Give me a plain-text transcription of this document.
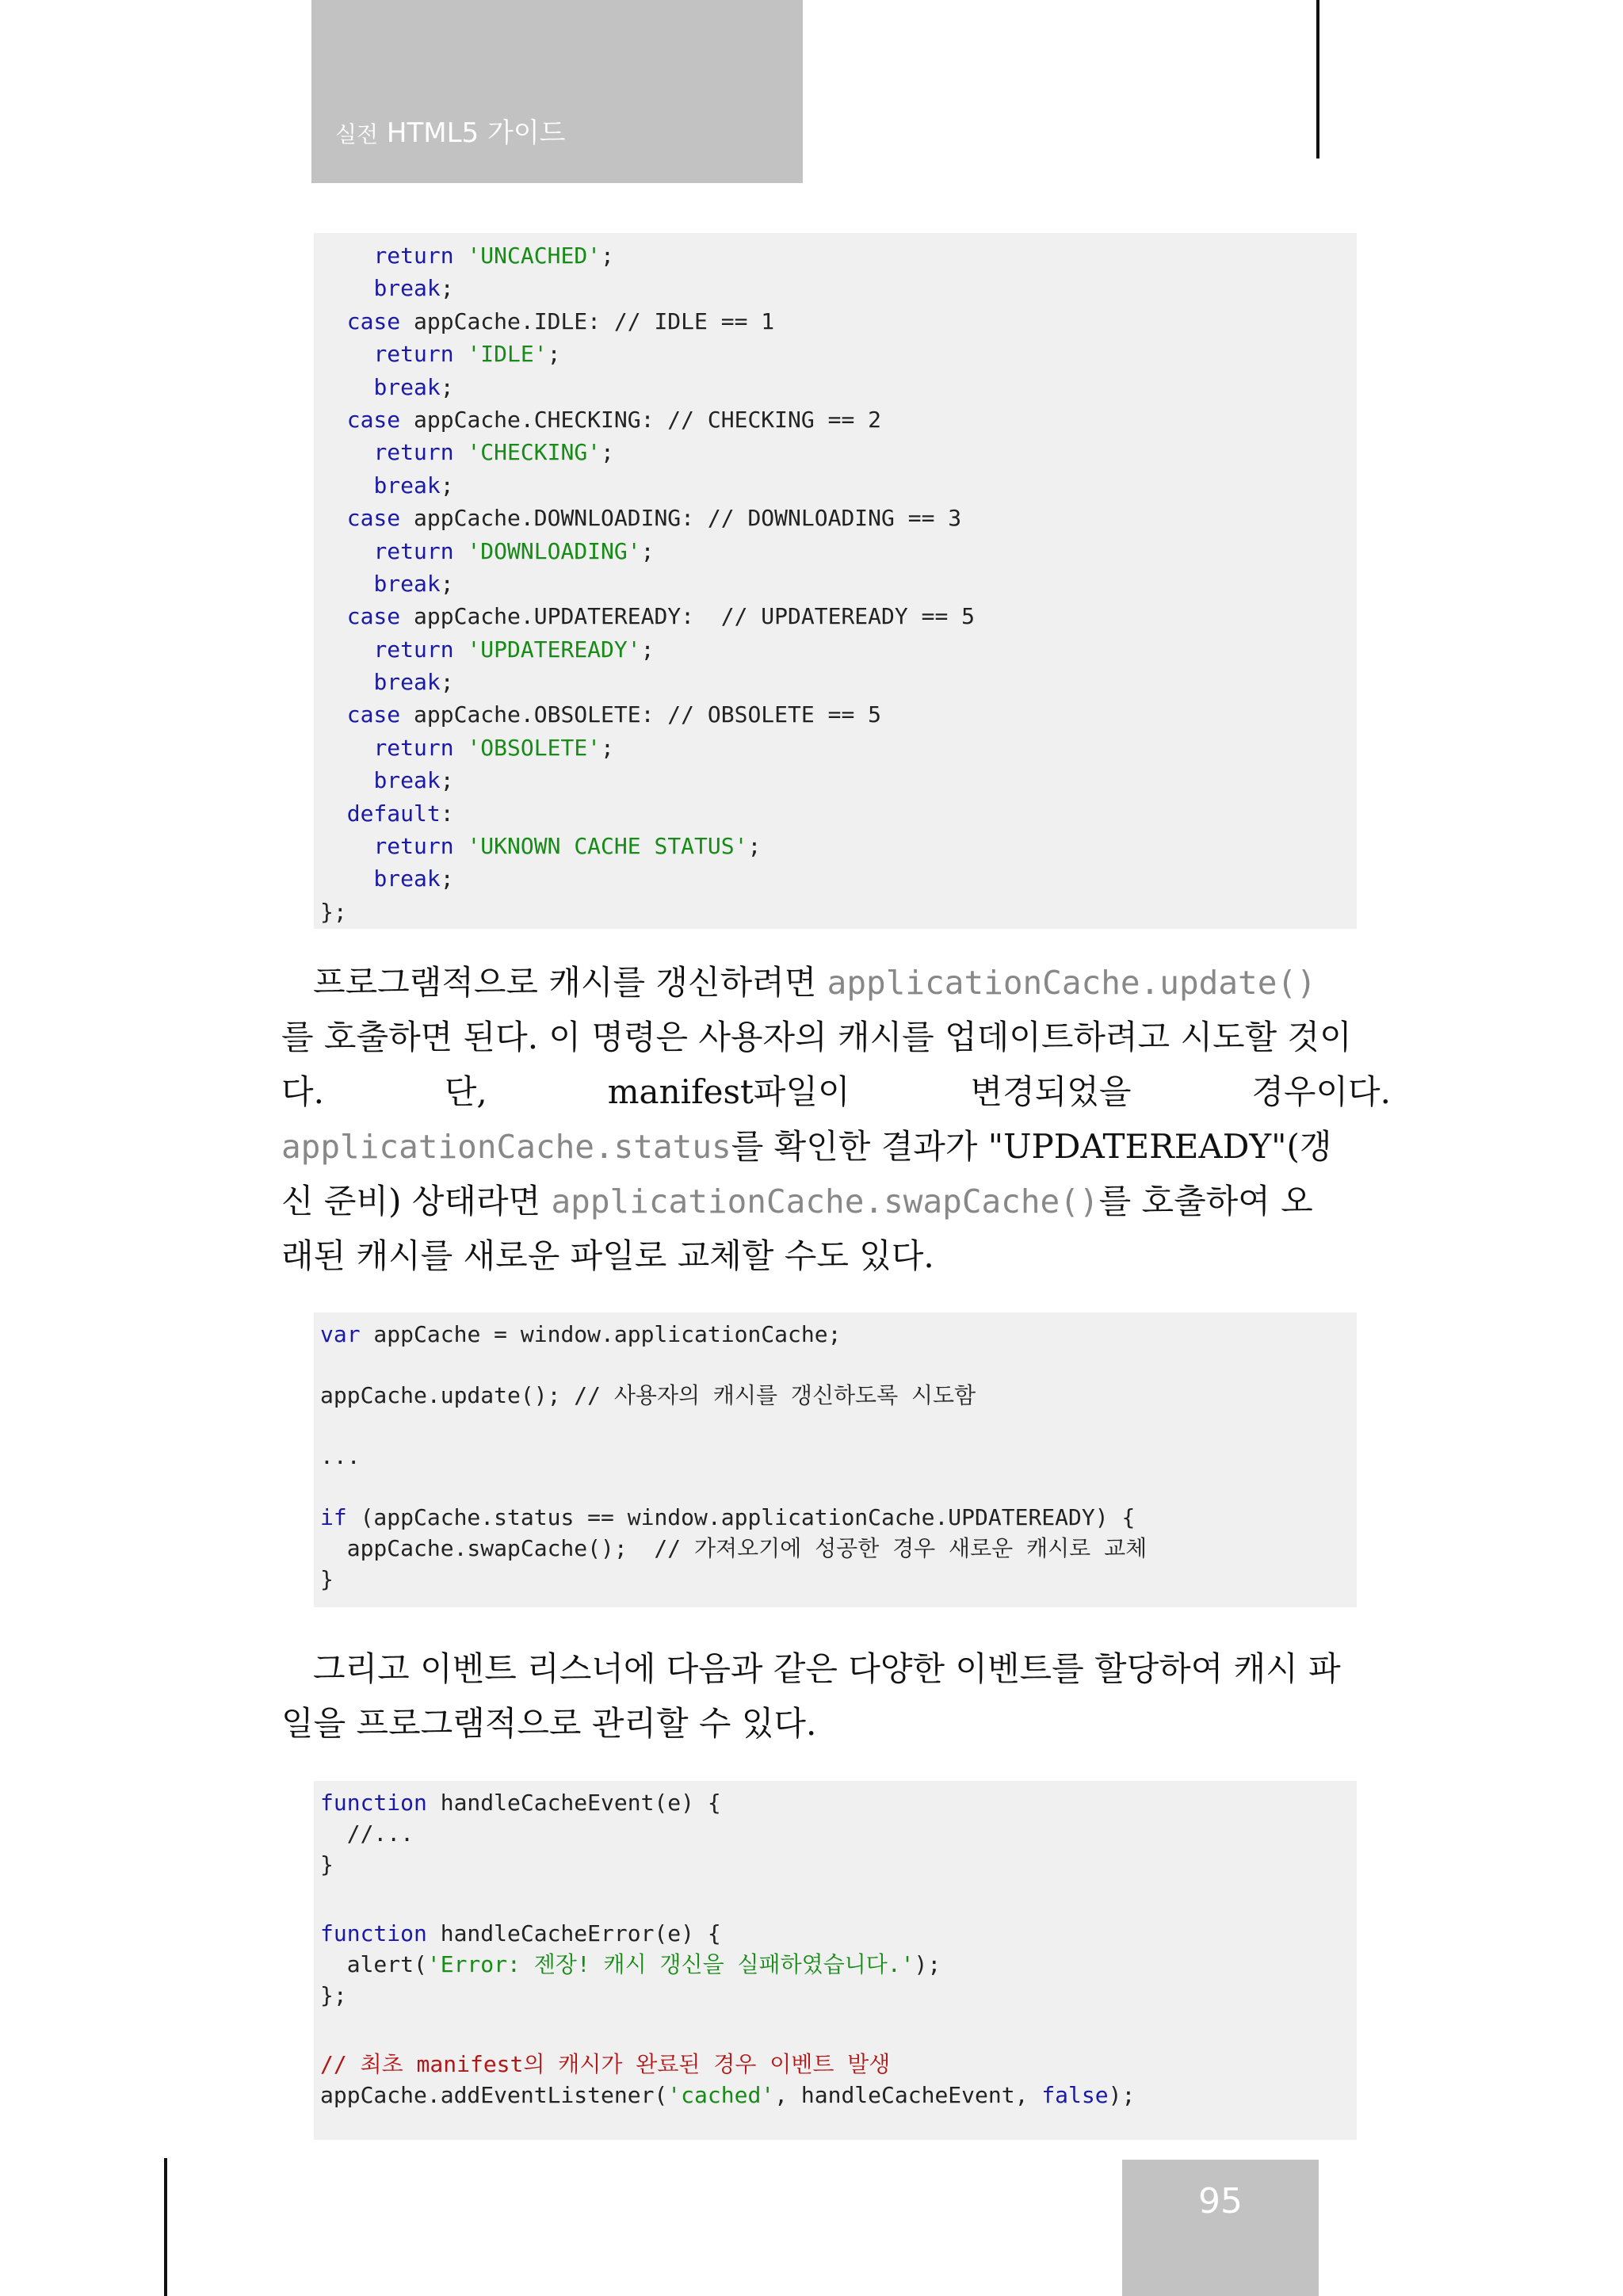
실전 HTML5 가이드
return 'UNCACHED';
break;
case appCache.IDLE: // IDLE == 1
return 'IDLE';
break;
case appCache.CHECKING: // CHECKING == 2
return 'CHECKING';
break;
case appCache.DOWNLOADING: // DOWNLOADING == 3
return 'DOWNLOADING';
break;
case appCache.UPDATEREADY:  // UPDATEREADY == 5
return 'UPDATEREADY';
break;
case appCache.OBSOLETE: // OBSOLETE == 5
return 'OBSOLETE';
break;
default:
return 'UKNOWN CACHE STATUS';
break;
};
프로그램적으로 캐시를 갱신하려면 applicationCache.update()
를 호출하면 된다. 이 명령은 사용자의 캐시를 업데이트하려고 시도할 것이
다.	단,	manifest파일이	변경되었을	경우이다.
applicationCache.status를 확인한 결과가 "UPDATEREADY"(갱
신 준비) 상태라면 applicationCache.swapCache()를 호출하여 오
래된 캐시를 새로운 파일로 교체할 수도 있다.
var appCache = window.applicationCache;
appCache.update(); // 사용자의 캐시를 갱신하도록 시도함
...
if (appCache.status == window.applicationCache.UPDATEREADY) {
appCache.swapCache();  // 가져오기에 성공한 경우 새로운 캐시로 교체
}
그리고 이벤트 리스너에 다음과 같은 다양한 이벤트를 할당하여 캐시 파
일을 프로그램적으로 관리할 수 있다.
function handleCacheEvent(e) {
//...
}
function handleCacheError(e) {
alert('Error: 젠장! 캐시 갱신을 실패하였습니다.');
};
// 최초 manifest의 캐시가 완료된 경우 이벤트 발생
appCache.addEventListener('cached', handleCacheEvent, false);
95
